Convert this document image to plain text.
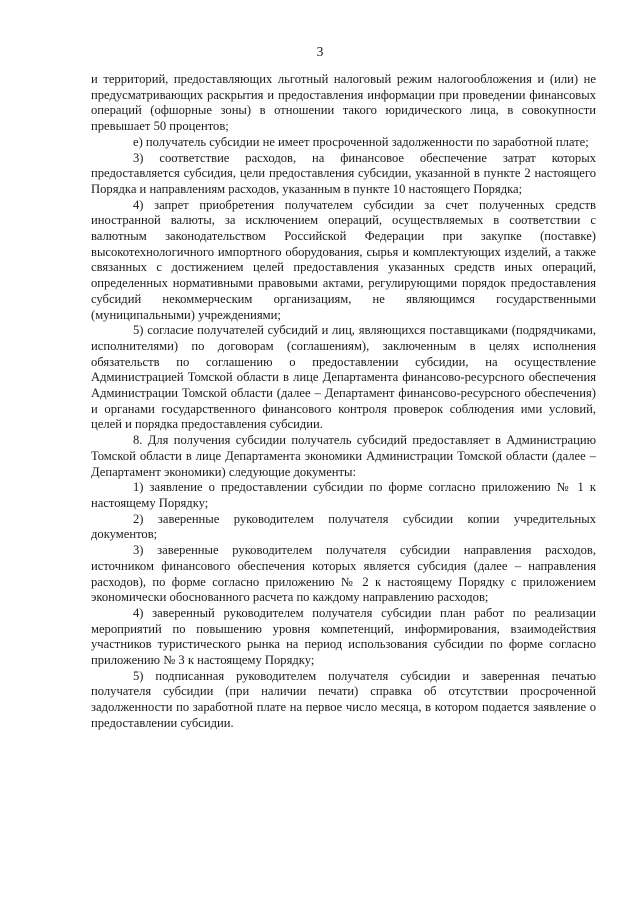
3

и территорий, предоставляющих льготный налоговый режим налогообложения и (или) не предусматривающих раскрытия и предоставления информации при проведении финансовых операций (офшорные зоны) в отношении такого юридического лица, в совокупности превышает 50 процентов;

е) получатель субсидии не имеет просроченной задолженности по заработной плате;

3) соответствие расходов, на финансовое обеспечение затрат которых предоставляется субсидия, цели предоставления субсидии, указанной в пункте 2 настоящего Порядка и направлениям расходов, указанным в пункте 10 настоящего Порядка;

4) запрет приобретения получателем субсидии за счет полученных средств иностранной валюты, за исключением операций, осуществляемых в соответствии с валютным законодательством Российской Федерации при закупке (поставке) высокотехнологичного импортного оборудования, сырья и комплектующих изделий, а также связанных с достижением целей предоставления указанных средств иных операций, определенных нормативными правовыми актами, регулирующими порядок предоставления субсидий некоммерческим организациям, не являющимся государственными (муниципальными) учреждениями;

5) согласие получателей субсидий и лиц, являющихся поставщиками (подрядчиками, исполнителями) по договорам (соглашениям), заключенным в целях исполнения обязательств по соглашению о предоставлении субсидии, на осуществление Администрацией Томской области в лице Департамента финансово-ресурсного обеспечения Администрации Томской области (далее – Департамент финансово-ресурсного обеспечения) и органами государственного финансового контроля проверок соблюдения ими условий, целей и порядка предоставления субсидии.

8. Для получения субсидии получатель субсидий предоставляет в Администрацию Томской области в лице Департамента экономики Администрации Томской области (далее – Департамент экономики) следующие документы:

1) заявление о предоставлении субсидии по форме согласно приложению № 1 к настоящему Порядку;

2) заверенные руководителем получателя субсидии копии учредительных документов;

3) заверенные руководителем получателя субсидии направления расходов, источником финансового обеспечения которых является субсидия (далее – направления расходов), по форме согласно приложению № 2 к настоящему Порядку с приложением экономически обоснованного расчета по каждому направлению расходов;

4) заверенный руководителем получателя субсидии план работ по реализации мероприятий по повышению уровня компетенций, информирования, взаимодействия участников туристического рынка на период использования субсидии по форме согласно приложению № 3 к настоящему Порядку;

5) подписанная руководителем получателя субсидии и заверенная печатью получателя субсидии (при наличии печати) справка об отсутствии просроченной задолженности по заработной плате на первое число месяца, в котором подается заявление о предоставлении субсидии.
